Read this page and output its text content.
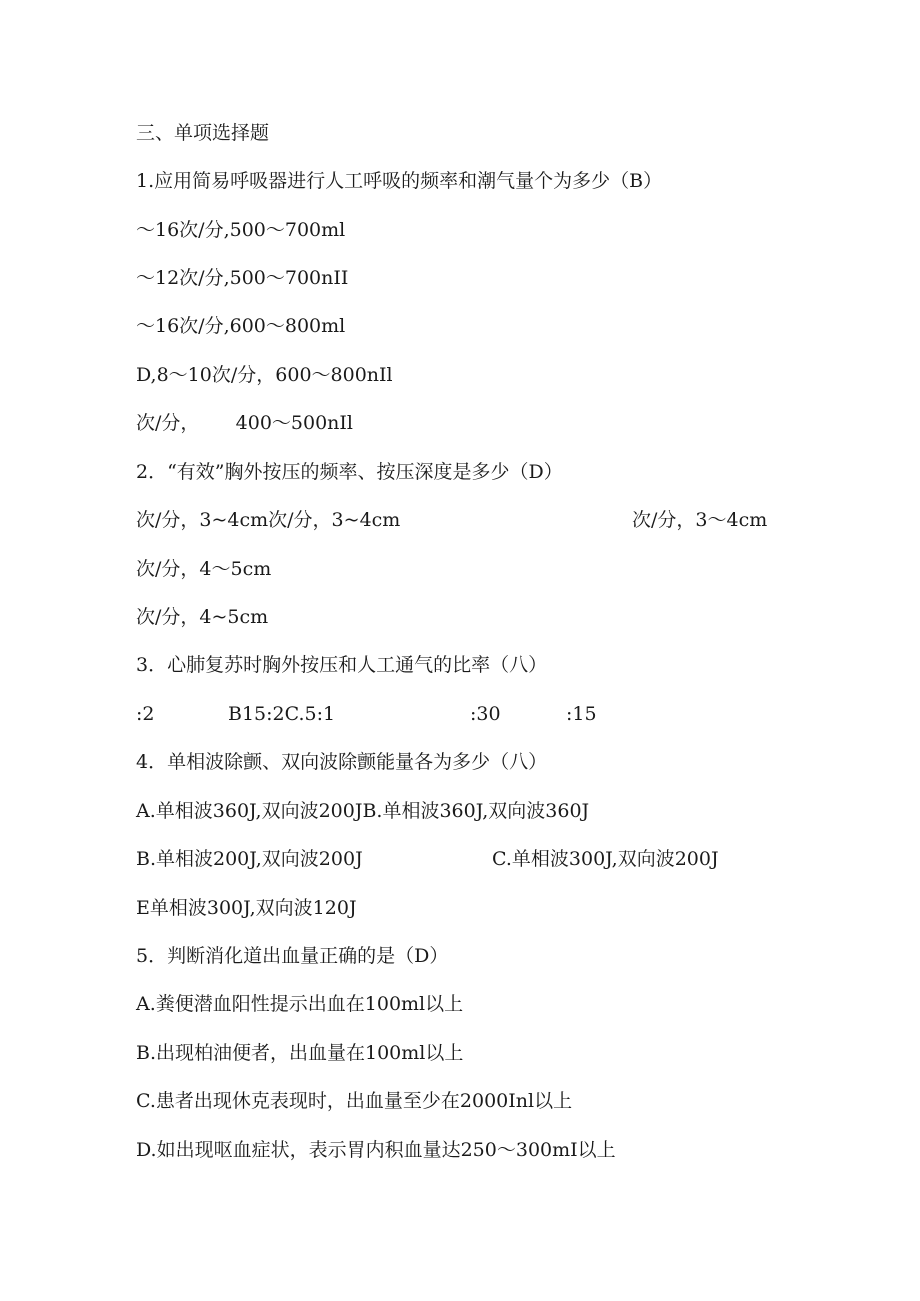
三、单项选择题
1.应用简易呼吸器进行人工呼吸的频率和潮气量个为多少（B）
～16次/分,500～700ml
～12次/分,500～700nII
～16次/分,600～800ml
D,8～10次/分，600～800nIl
次/分，      400～500nIl
2．“有效”胸外按压的频率、按压深度是多少（D）

次/分，3~4cm次/分，3~4cm

	次/分，3～4cm

次/分，4～5cm
次/分，4~5cm
3．心肺复苏时胸外按压和人工通气的比率（八）

:2

	B15:2C.5:1

	:30

	:15

4．单相波除颤、双向波除颤能量各为多少（八）
A.单相波360J,双向波200JB.单相波360J,双向波360J

B.单相波200J,双向波200J

	C.单相波300J,双向波200J

E单相波300J,双向波120J
5．判断消化道出血量正确的是（D）
A.粪便潜血阳性提示出血在100ml以上
B.出现柏油便者，出血量在100ml以上
C.患者出现休克表现时，出血量至少在2000Inl以上
D.如出现呕血症状，表示胃内积血量达250～300mI以上
